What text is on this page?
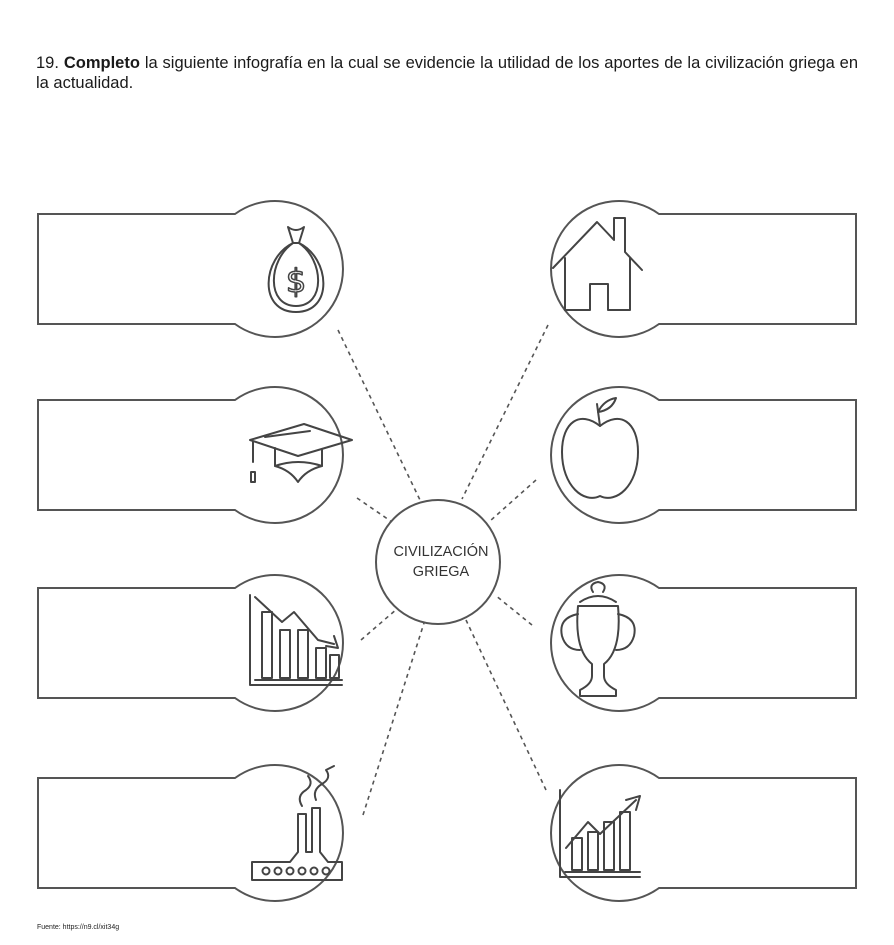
19. Completo la siguiente infografía en la cual se evidencie la utilidad de los aportes de la civilización griega en la actualidad.

$
CIVILIZACIÓN
GRIEGA
Fuente: https://n9.cl/xit34g
